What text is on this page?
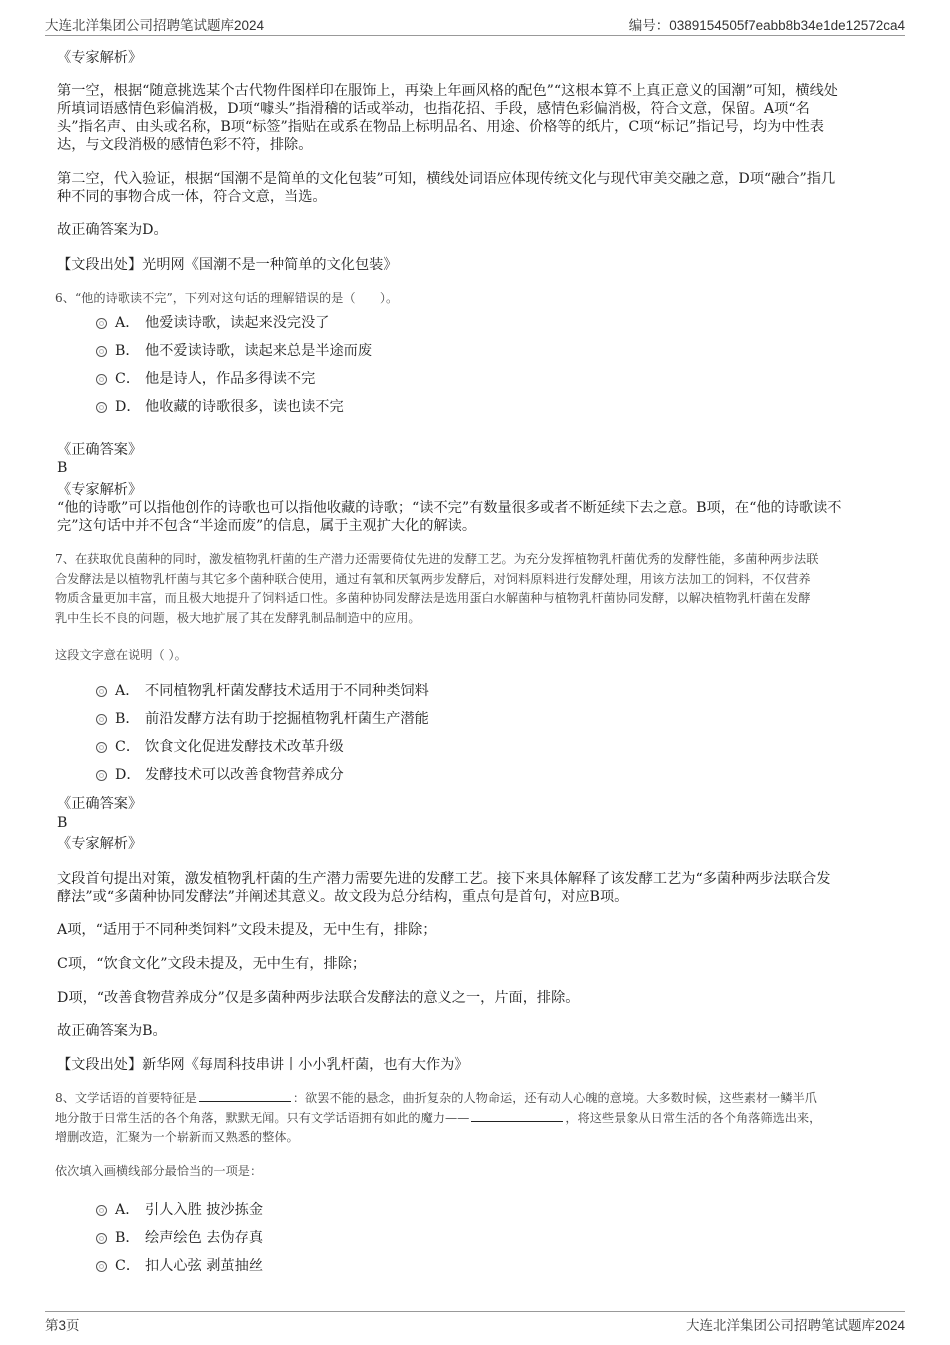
大连北洋集团公司招聘笔试题库2024	编号：0389154505f7eabb8b34e1de12572ca4
《专家解析》
第一空，根据“随意挑选某个古代物件图样印在服饰上，再染上年画风格的配色”“这根本算不上真正意义的国潮”可知，横线处
所填词语感情色彩偏消极，D项“噱头”指滑稽的话或举动，也指花招、手段，感情色彩偏消极，符合文意，保留。A项“名
头”指名声、由头或名称，B项“标签”指贴在或系在物品上标明品名、用途、价格等的纸片，C项“标记”指记号，均为中性表
达，与文段消极的感情色彩不符，排除。
第二空，代入验证，根据“国潮不是简单的文化包装”可知，横线处词语应体现传统文化与现代审美交融之意，D项“融合”指几
种不同的事物合成一体，符合文意，当选。
故正确答案为D。
【文段出处】光明网《国潮不是一种简单的文化包装》
6、“他的诗歌读不完”，下列对这句话的理解错误的是（　　）。
A． 他爱读诗歌，读起来没完没了
B． 他不爱读诗歌，读起来总是半途而废
C． 他是诗人，作品多得读不完
D． 他收藏的诗歌很多，读也读不完
《正确答案》
B
《专家解析》
“他的诗歌”可以指他创作的诗歌也可以指他收藏的诗歌；“读不完”有数量很多或者不断延续下去之意。B项，在“他的诗歌读不
完”这句话中并不包含“半途而废”的信息，属于主观扩大化的解读。
7、在获取优良菌种的同时，激发植物乳杆菌的生产潜力还需要倚仗先进的发酵工艺。为充分发挥植物乳杆菌优秀的发酵性能，多菌种两步法联
合发酵法是以植物乳杆菌与其它多个菌种联合使用，通过有氧和厌氧两步发酵后，对饲料原料进行发酵处理，用该方法加工的饲料，不仅营养
物质含量更加丰富，而且极大地提升了饲料适口性。多菌种协同发酵法是选用蛋白水解菌种与植物乳杆菌协同发酵，以解决植物乳杆菌在发酵
乳中生长不良的问题，极大地扩展了其在发酵乳制品制造中的应用。
这段文字意在说明（ ）。
A． 不同植物乳杆菌发酵技术适用于不同种类饲料
B． 前沿发酵方法有助于挖掘植物乳杆菌生产潜能
C． 饮食文化促进发酵技术改革升级
D． 发酵技术可以改善食物营养成分
《正确答案》
B
《专家解析》
文段首句提出对策，激发植物乳杆菌的生产潜力需要先进的发酵工艺。接下来具体解释了该发酵工艺为“多菌种两步法联合发
酵法”或“多菌种协同发酵法”并阐述其意义。故文段为总分结构，重点句是首句，对应B项。
A项，“适用于不同种类饲料”文段未提及，无中生有，排除；
C项，“饮食文化”文段未提及，无中生有，排除；
D项，“改善食物营养成分”仅是多菌种两步法联合发酵法的意义之一，片面，排除。
故正确答案为B。
【文段出处】新华网《每周科技串讲丨小小乳杆菌，也有大作为》
8、文学话语的首要特征是	：欲罢不能的悬念，曲折复杂的人物命运，还有动人心魄的意境。大多数时候，这些素材一鳞半爪
地分散于日常生活的各个角落，默默无闻。只有文学话语拥有如此的魔力——	，将这些景象从日常生活的各个角落筛选出来，
增删改造，汇聚为一个崭新而又熟悉的整体。
依次填入画横线部分最恰当的一项是：
A． 引人入胜 披沙拣金
B． 绘声绘色 去伪存真
C． 扣人心弦 剥茧抽丝
第3页	大连北洋集团公司招聘笔试题库2024
